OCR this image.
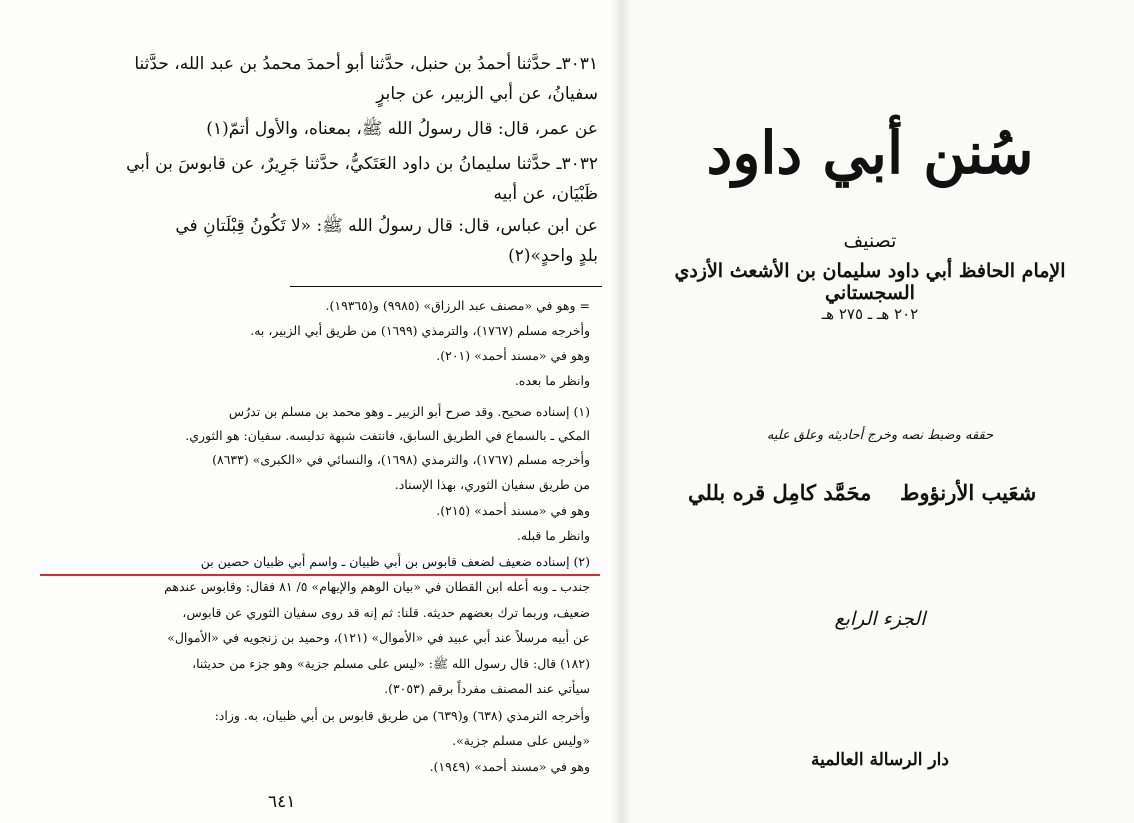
٣٠٣١ـ حدَّثنا أحمدُ بن حنبل، حدَّثنا أبو أحمدَ محمدُ بن عبد الله، حدَّثنا
سفيانُ، عن أبي الزبير، عن جابرٍ
عن عمر، قال: قال رسولُ الله ﷺ، بمعناه، والأول أتمّ(١)
٣٠٣٢ـ حدَّثنا سليمانُ بن داود العَتَكيُّ، حدَّثنا جَرِيرٌ، عن قابوسَ بن أبي
ظَبْيَان، عن أبيه
عن ابن عباس، قال: قال رسولُ الله ﷺ: «لا تَكُونُ قِبْلَتانِ في
بلدٍ واحدٍ»(٢)
= وهو في «مصنف عبد الرزاق» (٩٩٨٥) و(١٩٣٦٥).
وأخرجه مسلم (١٧٦٧)، والترمذي (١٦٩٩) من طريق أبي الزبير، به.
وهو في «مسند أحمد» (٢٠١).
وانظر ما بعده.
(١) إسناده صحيح. وقد صرح أبو الزبير ـ وهو محمد بن مسلم بن تدرُس
المكي ـ بالسماع في الطريق السابق، فانتفت شبهة تدليسه. سفيان: هو الثوري.
وأخرجه مسلم (١٧٦٧)، والترمذي (١٦٩٨)، والنسائي في «الكبرى» (٨٦٣٣)
من طريق سفيان الثوري، بهذا الإسناد.
وهو في «مسند أحمد» (٢١٥).
وانظر ما قبله.
(٢) إسناده ضعيف لضعف قابوس بن أبي ظبيان ـ واسم أبي ظبيان حصين بن
جندب ـ وبه أعله ابن القطان في «بيان الوهم والإيهام» ٥/ ٨١ فقال: وقابوس عندهم
ضعيف، وربما ترك بعضهم حديثه. قلنا: ثم إنه قد روى سفيان الثوري عن قابوس،
عن أبيه مرسلاً عند أبي عبيد في «الأموال» (١٢١)، وحميد بن زنجويه في «الأموال»
(١٨٢) قال: قال رسول الله ﷺ: «ليس على مسلم جزية» وهو جزء من حديثنا،
سيأتي عند المصنف مفرداً برقم (٣٠٥٣).
وأخرجه الترمذي (٦٣٨) و(٦٣٩) من طريق قابوس بن أبي ظبيان، به. وزاد:
«وليس على مسلم جزية».
وهو في «مسند أحمد» (١٩٤٩).
٦٤١
سُنن أبي داود
تصنيف
الإمام الحافظ أبي داود سليمان بن الأشعث الأزدي السجستاني
٢٠٢ هـ ـ ٢٧٥ هـ
حققه وضبط نصه وخرج أحاديثه وعلق عليه
شعَيب الأرنؤوط
محَمَّد كامِل قره بللي
الجزء الرابع
دار الرسالة العالمية
